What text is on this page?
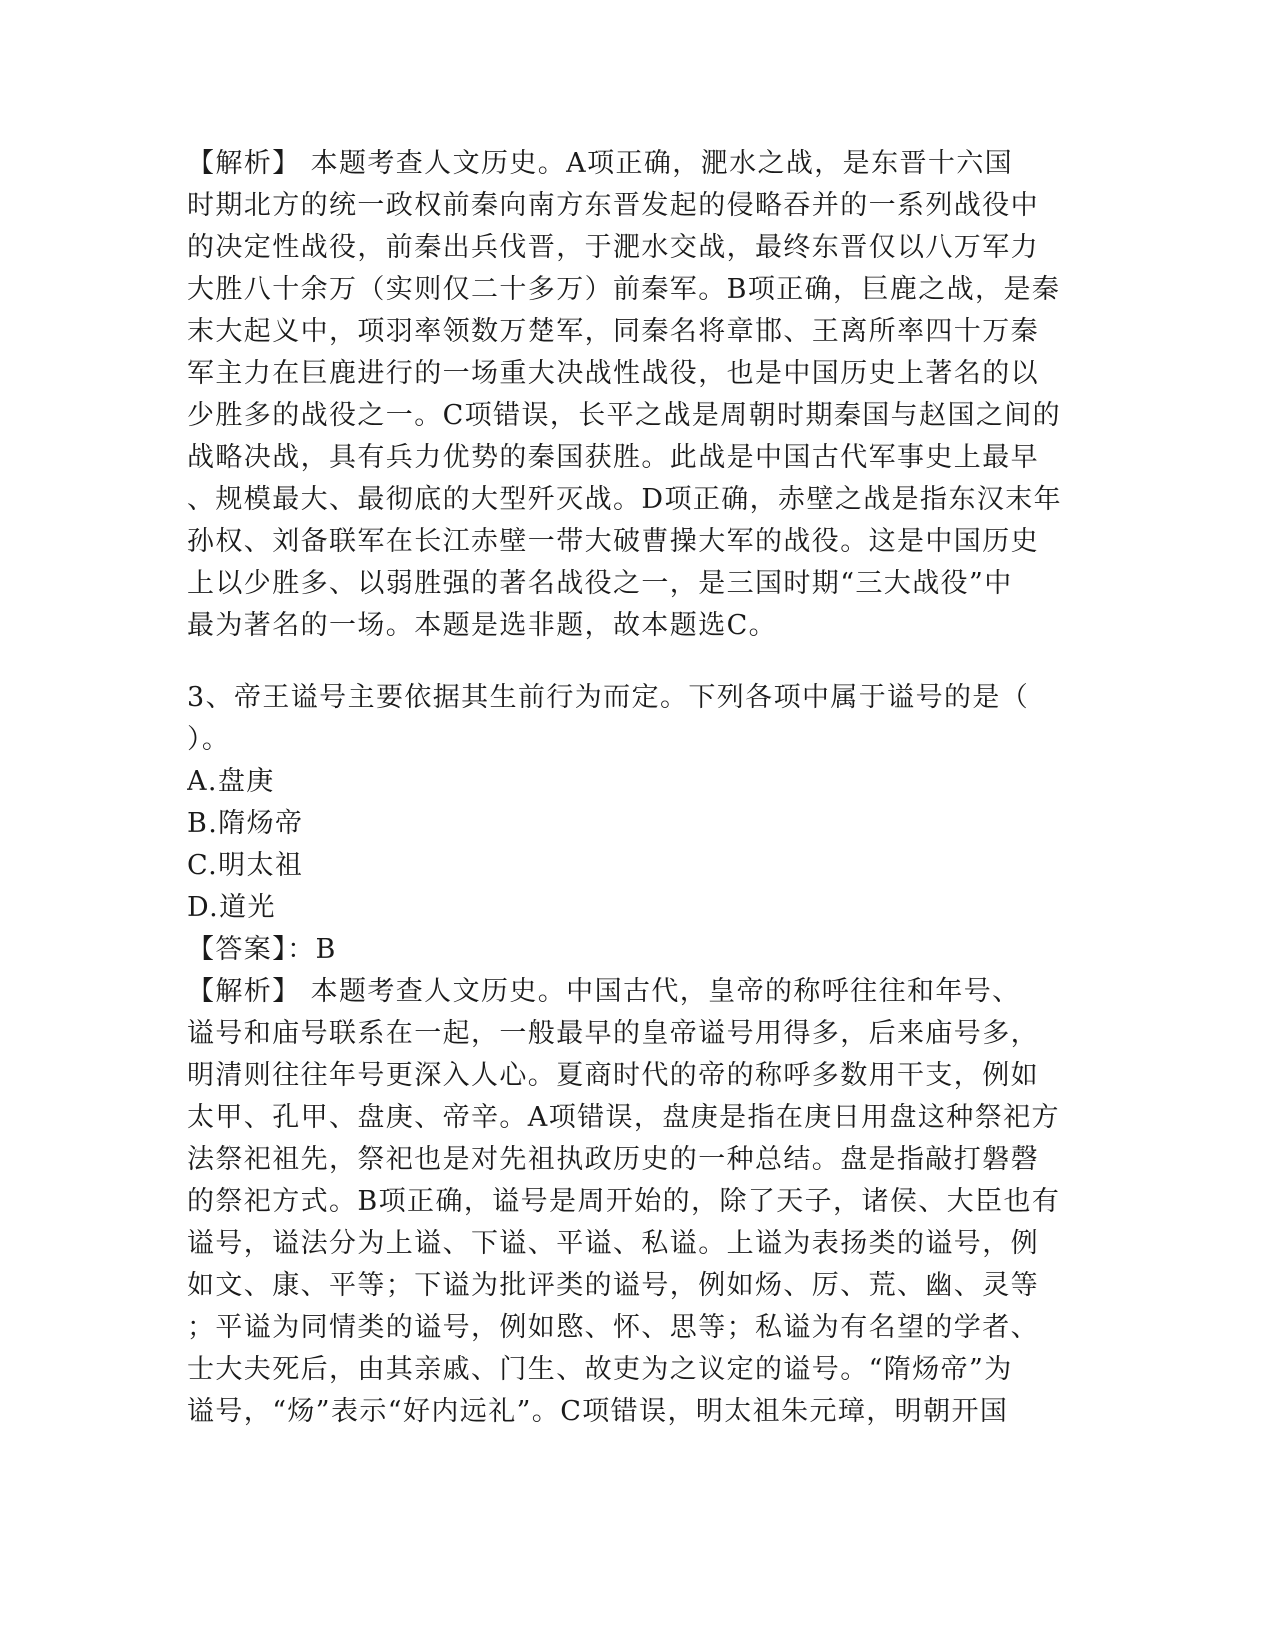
【解析】 本题考查人文历史。A项正确，淝水之战，是东晋十六国
时期北方的统一政权前秦向南方东晋发起的侵略吞并的一系列战役中
的决定性战役，前秦出兵伐晋，于淝水交战，最终东晋仅以八万军力
大胜八十余万（实则仅二十多万）前秦军。B项正确，巨鹿之战，是秦
末大起义中，项羽率领数万楚军，同秦名将章邯、王离所率四十万秦
军主力在巨鹿进行的一场重大决战性战役，也是中国历史上著名的以
少胜多的战役之一。C项错误，长平之战是周朝时期秦国与赵国之间的
战略决战，具有兵力优势的秦国获胜。此战是中国古代军事史上最早
、规模最大、最彻底的大型歼灭战。D项正确，赤壁之战是指东汉末年
孙权、刘备联军在长江赤壁一带大破曹操大军的战役。这是中国历史
上以少胜多、以弱胜强的著名战役之一，是三国时期“三大战役”中
最为著名的一场。本题是选非题，故本题选C。
3、帝王谥号主要依据其生前行为而定。下列各项中属于谥号的是（
）。
A.盘庚
B.隋炀帝
C.明太祖
D.道光
【答案】：B
【解析】 本题考查人文历史。中国古代，皇帝的称呼往往和年号、
谥号和庙号联系在一起，一般最早的皇帝谥号用得多，后来庙号多，
明清则往往年号更深入人心。夏商时代的帝的称呼多数用干支，例如
太甲、孔甲、盘庚、帝辛。A项错误，盘庚是指在庚日用盘这种祭祀方
法祭祀祖先，祭祀也是对先祖执政历史的一种总结。盘是指敲打磐磬
的祭祀方式。B项正确，谥号是周开始的，除了天子，诸侯、大臣也有
谥号，谥法分为上谥、下谥、平谥、私谥。上谥为表扬类的谥号，例
如文、康、平等；下谥为批评类的谥号，例如炀、厉、荒、幽、灵等
；平谥为同情类的谥号，例如愍、怀、思等；私谥为有名望的学者、
士大夫死后，由其亲戚、门生、故吏为之议定的谥号。“隋炀帝”为
谥号，“炀”表示“好内远礼”。C项错误，明太祖朱元璋，明朝开国
